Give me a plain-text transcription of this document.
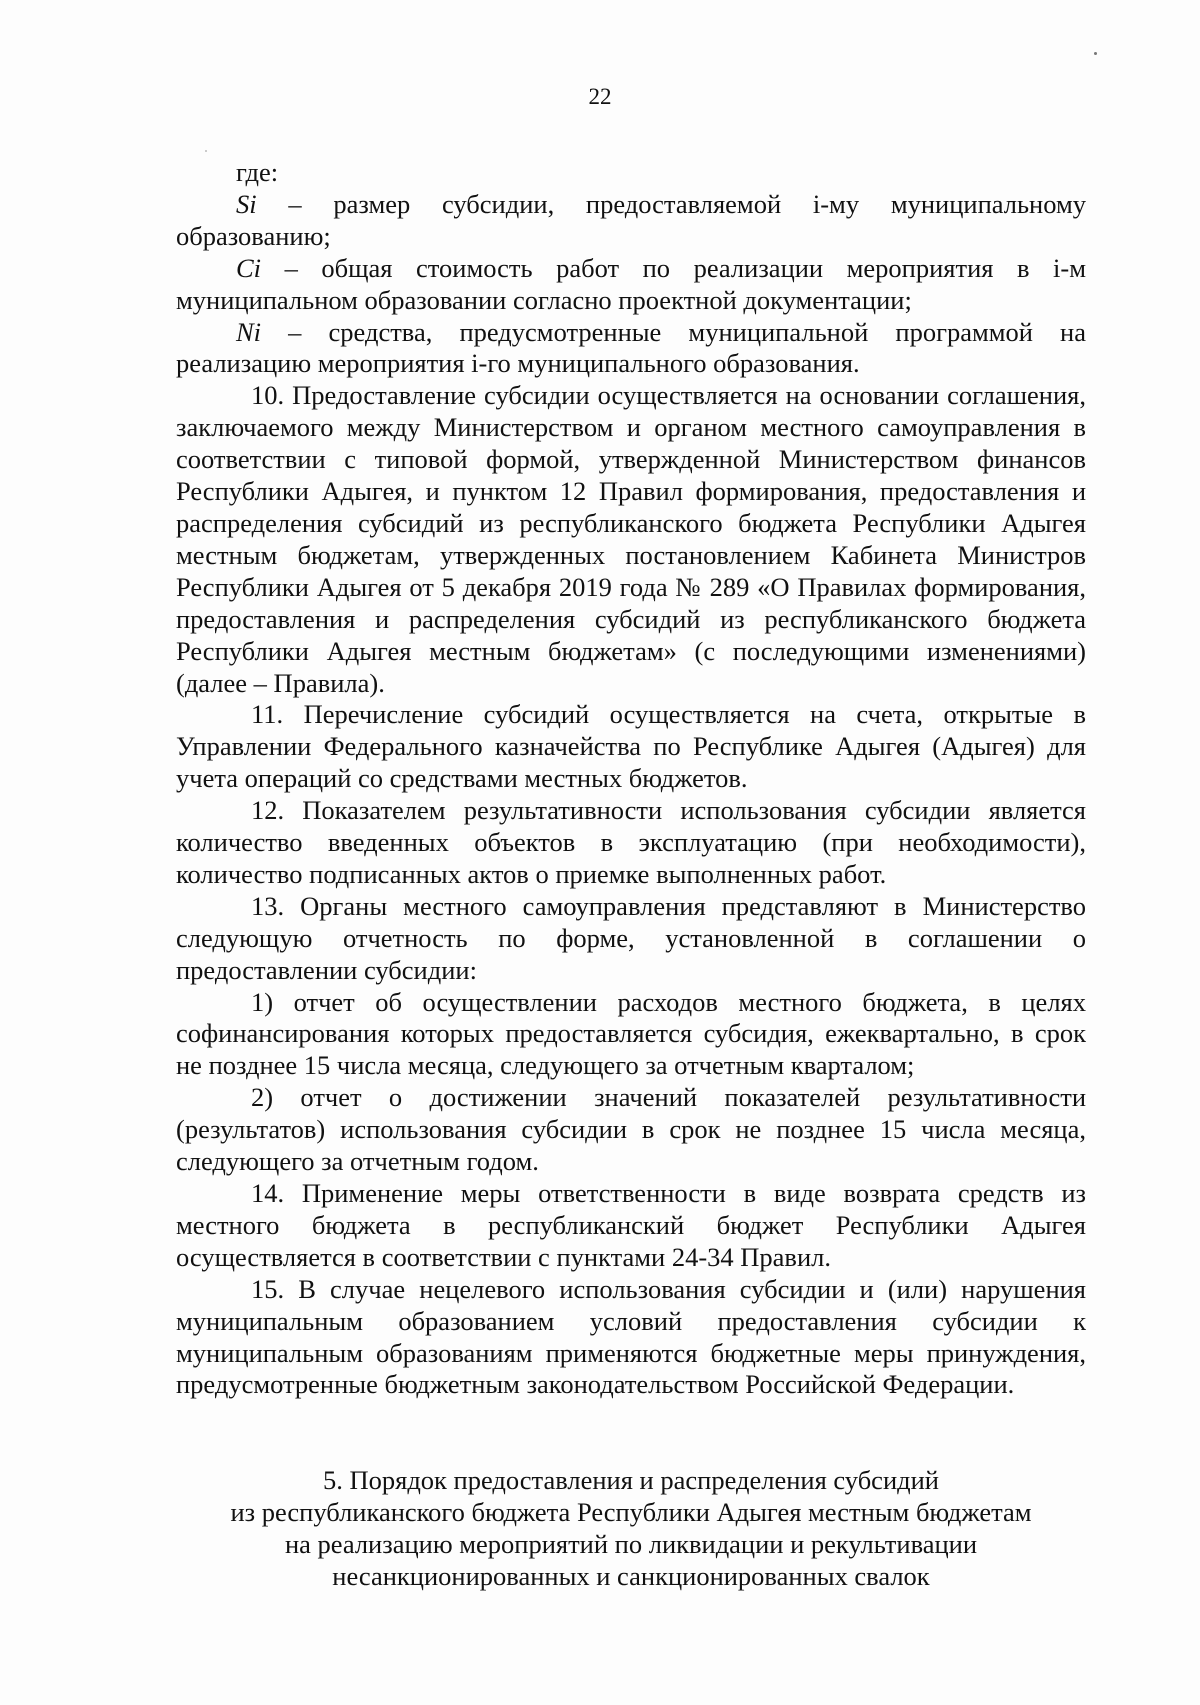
22

где:

Si – размер субсидии, предоставляемой i-му муниципальному образованию;

Ci – общая стоимость работ по реализации мероприятия в i-м муниципальном образовании согласно проектной документации;

Ni – средства, предусмотренные муниципальной программой на реализацию мероприятия i-го муниципального образования.

10. Предоставление субсидии осуществляется на основании соглашения, заключаемого между Министерством и органом местного самоуправления в соответствии с типовой формой, утвержденной Министерством финансов Республики Адыгея, и пунктом 12 Правил формирования, предоставления и распределения субсидий из республиканского бюджета Республики Адыгея местным бюджетам, утвержденных постановлением Кабинета Министров Республики Адыгея от 5 декабря 2019 года № 289 «О Правилах формирования, предоставления и распределения субсидий из республиканского бюджета Республики Адыгея местным бюджетам» (с последующими изменениями) (далее – Правила).

11. Перечисление субсидий осуществляется на счета, открытые в Управлении Федерального казначейства по Республике Адыгея (Адыгея) для учета операций со средствами местных бюджетов.

12. Показателем результативности использования субсидии является количество введенных объектов в эксплуатацию (при необходимости), количество подписанных актов о приемке выполненных работ.

13. Органы местного самоуправления представляют в Министерство следующую отчетность по форме, установленной в соглашении о предоставлении субсидии:

1) отчет об осуществлении расходов местного бюджета, в целях софинансирования которых предоставляется субсидия, ежеквартально, в срок не позднее 15 числа месяца, следующего за отчетным кварталом;

2) отчет о достижении значений показателей результативности (результатов) использования субсидии в срок не позднее 15 числа месяца, следующего за отчетным годом.

14. Применение меры ответственности в виде возврата средств из местного бюджета в республиканский бюджет Республики Адыгея осуществляется в соответствии с пунктами 24-34 Правил.

15. В случае нецелевого использования субсидии и (или) нарушения муниципальным образованием условий предоставления субсидии к муниципальным образованиям применяются бюджетные меры принуждения, предусмотренные бюджетным законодательством Российской Федерации.

5. Порядок предоставления и распределения субсидий
из республиканского бюджета Республики Адыгея местным бюджетам
на реализацию мероприятий по ликвидации и рекультивации
несанкционированных и санкционированных свалок
